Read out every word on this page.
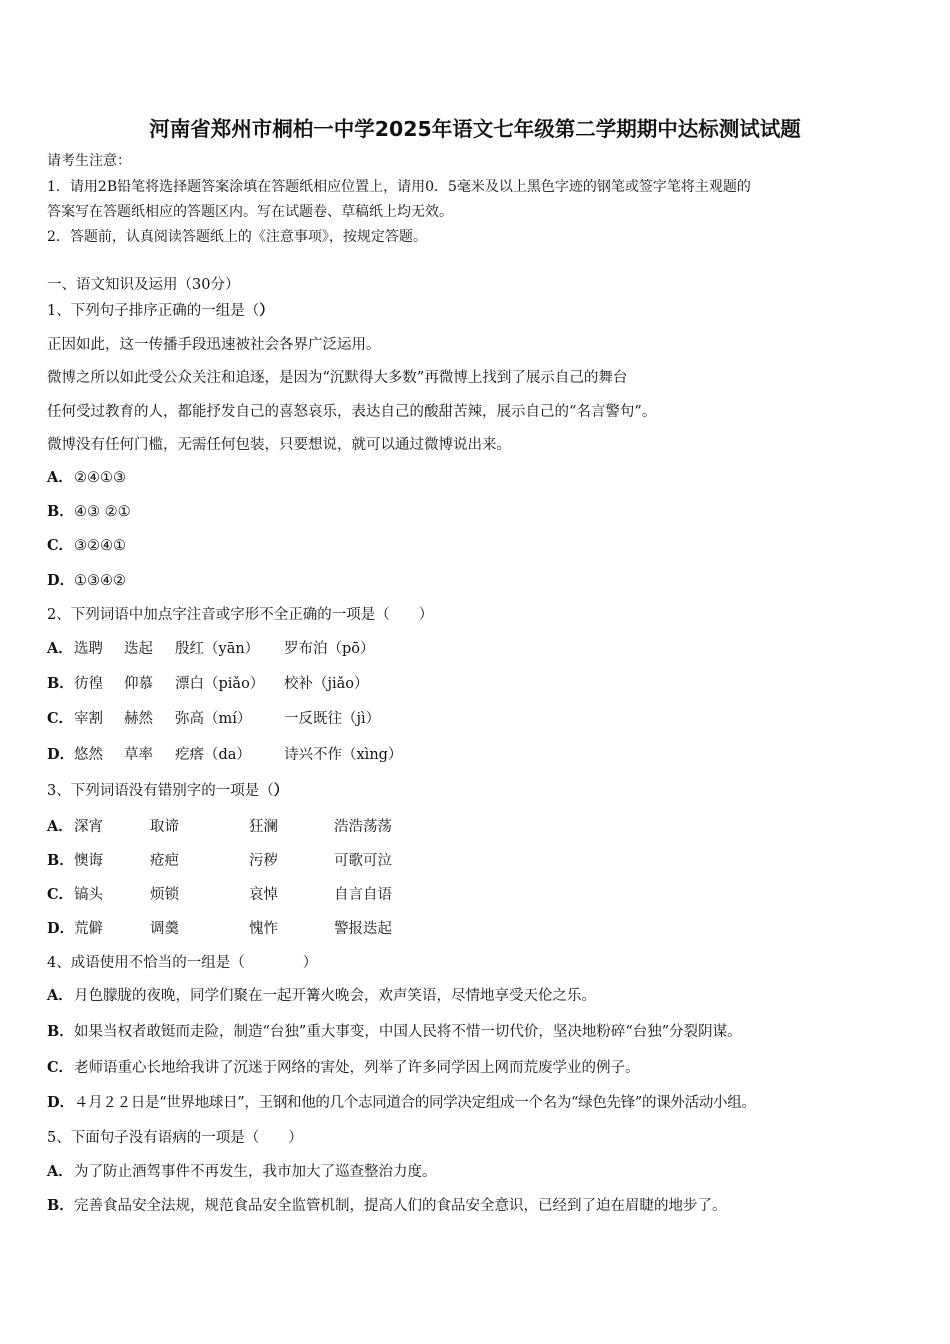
河南省郑州市桐柏一中学2025年语文七年级第二学期期中达标测试试题
请考生注意：
1．请用2B铅笔将选择题答案涂填在答题纸相应位置上，请用0．5毫米及以上黑色字迹的钢笔或签字笔将主观题的
答案写在答题纸相应的答题区内。写在试题卷、草稿纸上均无效。
2．答题前，认真阅读答题纸上的《注意事项》，按规定答题。
一、语文知识及运用（30分）
1、下列句子排序正确的一组是（）
正因如此，这一传播手段迅速被社会各界广泛运用。
微博之所以如此受公众关注和追逐，是因为“沉默得大多数”再微博上找到了展示自己的舞台
任何受过教育的人，都能抒发自己的喜怒哀乐，表达自己的酸甜苦辣，展示自己的“名言警句”。
微博没有任何门槛，无需任何包装，只要想说，就可以通过微博说出来。
A．②④①③
B．④③ ②①
C．③②④①
D．①③④②
2、下列词语中加点字注音或字形不全正确的一项是（　　）
A． 选聘 迭起 殷红（yān） 罗布泊（pō）
B． 彷徨 仰慕 漂白（piǎo） 校补（jiǎo）
C． 宰割 赫然 弥高（mí） 一反既往（jì）
D． 悠然 草率 疙瘩（da） 诗兴不作（xìng）
3、下列词语没有错别字的一项是（）
A． 深宵	取谛	狂澜	浩浩荡荡
B． 懊诲	疮疤	污秽	可歌可泣
C． 镐头	烦锁	哀悼	自言自语
D． 荒僻	调羹	愧怍	警报迭起
4、成语使用不恰当的一组是（　　　　）
A．月色朦胧的夜晚，同学们聚在一起开篝火晚会，欢声笑语，尽情地享受天伦之乐。
B．如果当权者敢铤而走险，制造“台独”重大事变，中国人民将不惜一切代价，坚决地粉碎“台独”分裂阴谋。
C．老师语重心长地给我讲了沉迷于网络的害处，列举了许多同学因上网而荒废学业的例子。
D．４月２２日是“世界地球日”，王钢和他的几个志同道合的同学决定组成一个名为“绿色先锋”的课外活动小组。
5、下面句子没有语病的一项是（　　）
A．为了防止酒驾事件不再发生，我市加大了巡查整治力度。
B．完善食品安全法规，规范食品安全监管机制，提高人们的食品安全意识，已经到了迫在眉睫的地步了。
